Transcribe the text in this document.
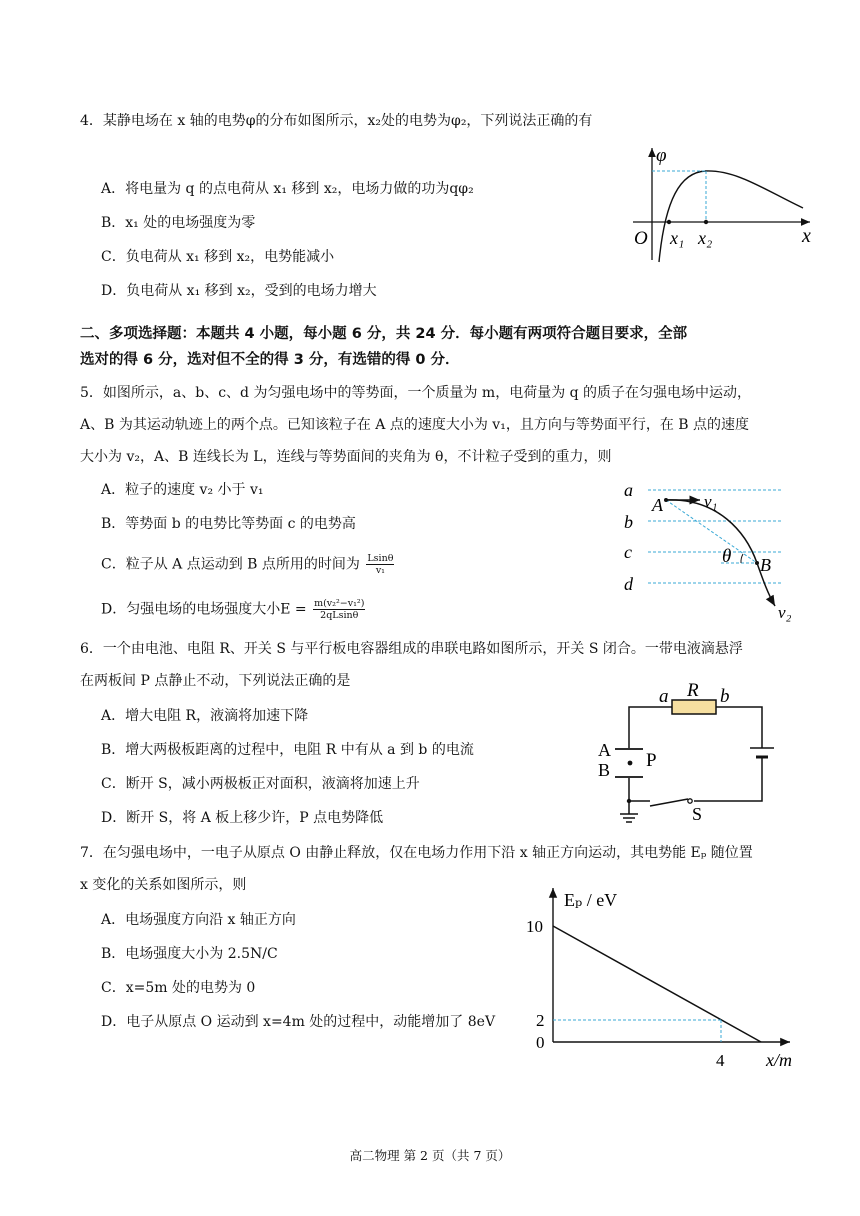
4．某静电场在 x 轴的电势φ的分布如图所示，x₂处的电势为φ₂，下列说法正确的有
A．将电量为 q 的点电荷从 x₁ 移到 x₂，电场力做的功为qφ₂
B．x₁ 处的电场强度为零
C．负电荷从 x₁ 移到 x₂，电势能减小
D．负电荷从 x₁ 移到 x₂，受到的电场力增大
φ
O x₁ x₂	x
二、多项选择题：本题共 4 小题，每小题 6 分，共 24 分．每小题有两项符合题目要求，全部
选对的得 6 分，选对但不全的得 3 分，有选错的得 0 分．
5．如图所示，a、b、c、d 为匀强电场中的等势面，一个质量为 m，电荷量为 q 的质子在匀强电场中运动，
A、B 为其运动轨迹上的两个点。已知该粒子在 A 点的速度大小为 v₁，且方向与等势面平行，在 B 点的速度
大小为 v₂，A、B 连线长为 L，连线与等势面间的夹角为 θ，不计粒子受到的重力，则
A．粒子的速度 v₂ 小于 v₁
B．等势面 b 的电势比等势面 c 的电势高
C．粒子从 A 点运动到 B 点所用的时间为 $\frac{Lsin\theta}{\text{v₁}}$
D．匀强电场的电场强度大小$E = \frac{\text{m(v₂²−v₁²)}}{2qLsin\theta}$
a
b
c
d
A v₁
θ B
v₂
6．一个由电池、电阻 R、开关 S 与平行板电容器组成的串联电路如图所示，开关 S 闭合。一带电液滴悬浮
在两板间 P 点静止不动，下列说法正确的是
A．增大电阻 R，液滴将加速下降
B．增大两极板距离的过程中，电阻 R 中有从 a 到 b 的电流
C．断开 S，减小两极板正对面积，液滴将加速上升
D．断开 S，将 A 板上移少许，P 点电势降低
a R b
A
B P
S
7．在匀强电场中，一电子从原点 O 由静止释放，仅在电场力作用下沿 x 轴正方向运动，其电势能 Eₚ 随位置
x 变化的关系如图所示，则
A．电场强度方向沿 x 轴正方向
B．电场强度大小为 2.5N/C
C．x=5m 处的电势为 0
D．电子从原点 O 运动到 x=4m 处的过程中，动能增加了 8eV
Eₚ / eV
10
2
0
4 x/m
高二物理 第 2 页（共 7 页）
